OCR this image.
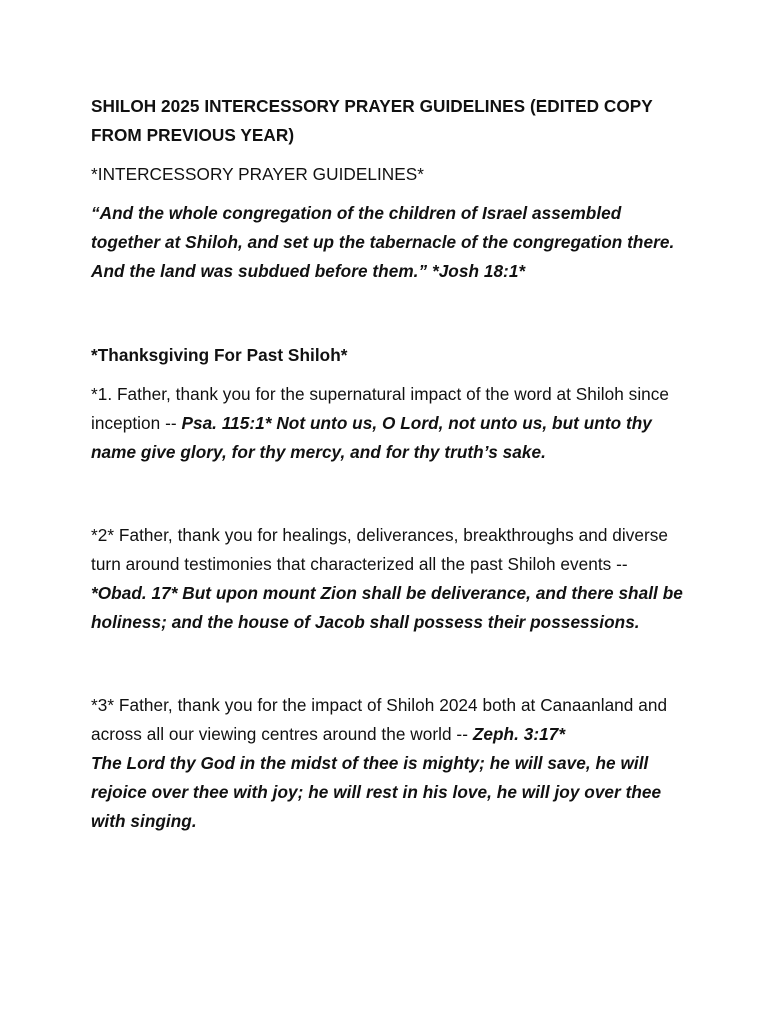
SHILOH 2025 INTERCESSORY PRAYER GUIDELINES (EDITED COPY FROM PREVIOUS YEAR)

*INTERCESSORY PRAYER GUIDELINES*

“And the whole congregation of the children of Israel assembled together at Shiloh, and set up the tabernacle of the congregation there. And the land was subdued before them.” *Josh 18:1*

*Thanksgiving For Past Shiloh*

*1. Father, thank you for the supernatural impact of the word at Shiloh since inception -- Psa. 115:1* Not unto us, O Lord, not unto us, but unto thy name give glory, for thy mercy, and for thy truth’s sake.

*2* Father, thank you for healings, deliverances, breakthroughs and diverse turn around testimonies that characterized all the past Shiloh events -- *Obad. 17* But upon mount Zion shall be deliverance, and there shall be holiness; and the house of Jacob shall possess their possessions.

*3* Father, thank you for the impact of Shiloh 2024 both at Canaanland and across all our viewing centres around the world -- Zeph. 3:17*
The Lord thy God in the midst of thee is mighty; he will save, he will rejoice over thee with joy; he will rest in his love, he will joy over thee with singing.
